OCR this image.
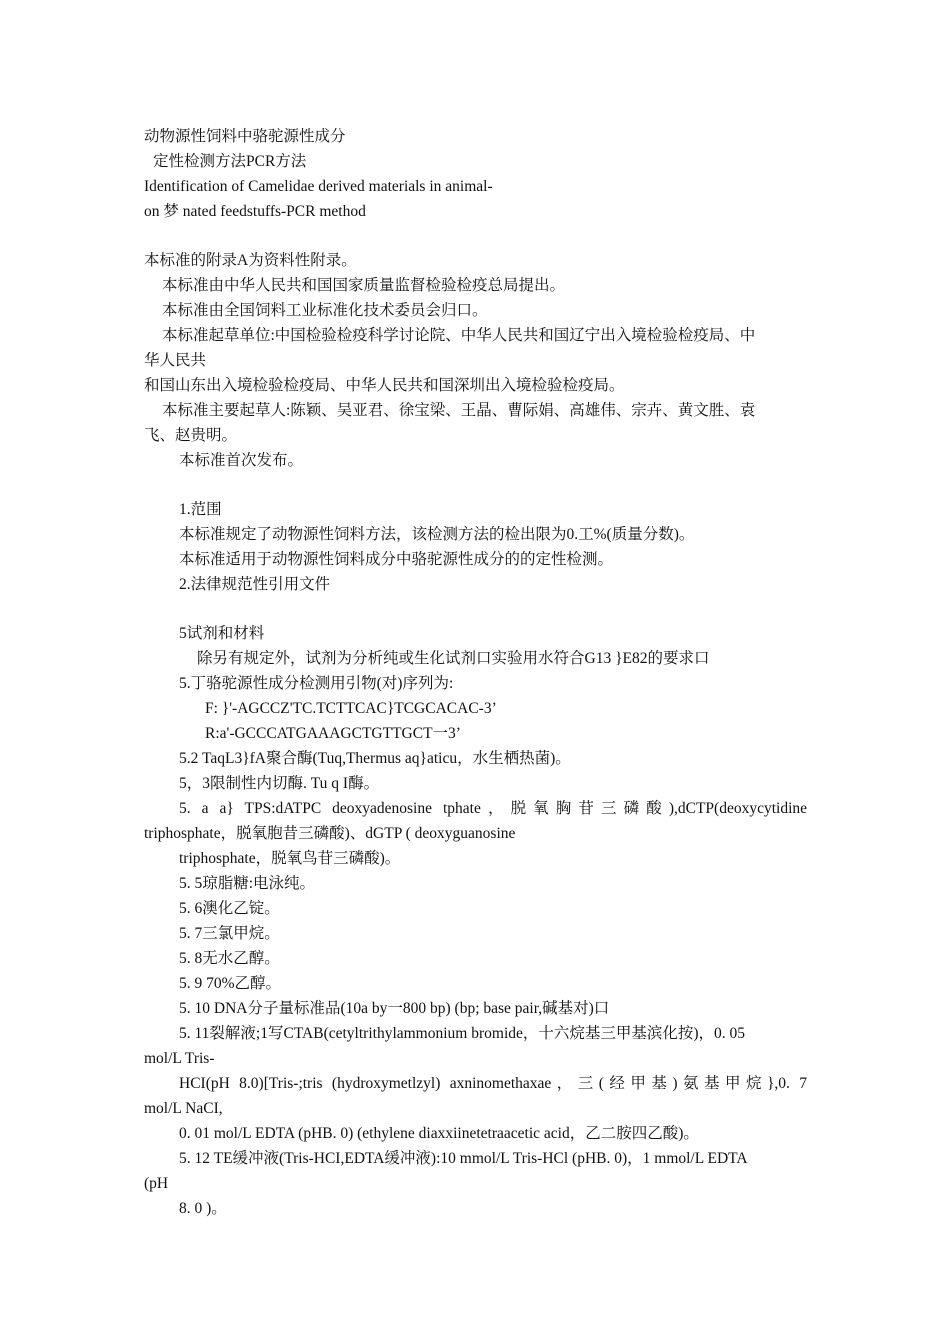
动物源性饲料中骆驼源性成分
定性检测方法PCR方法
Identification of Camelidae derived materials in animal-
on 梦 nated feedstuffs-PCR method
本标准的附录A为资料性附录。
本标准由中华人民共和国国家质量监督检验检疫总局提出。
本标准由全国饲料工业标准化技术委员会归口。
本标准起草单位:中国检验检疫科学讨论院、中华人民共和国辽宁出入境检验检疫局、中
华人民共
和国山东出入境检验检疫局、中华人民共和国深圳出入境检验检疫局。
本标准主要起草人:陈颖、吴亚君、徐宝梁、王晶、曹际娟、高雄伟、宗卉、黄文胜、袁
飞、赵贵明。
本标准首次发布。
1.范围
本标准规定了动物源性饲料方法，该检测方法的检出限为0.工%(质量分数)。
本标准适用于动物源性饲料成分中骆驼源性成分的的定性检测。
2.法律规范性引用文件
5试剂和材料
除另有规定外，试剂为分析纯或生化试剂口实验用水符合G13 }E82的要求口
5.丁骆驼源性成分检测用引物(对)序列为:
F: }'-AGCCZ'TC.TCTTCAC}TCGCACAC-3’
R:a'-GCCCATGAAAGCTGTTGCT一3’
5.2 TaqL3}fA聚合酶(Tuq,Thermus aq}aticu，水生栖热菌)。
5，3限制性内切酶. Tu q I酶。
5. a a} TPS:dATPC deoxyadenosine tphate，脱氧胸苷三磷酸),dCTP(deoxycytidine
triphosphate，脱氧胞昔三磷酸)、dGTP ( deoxyguanosine
triphosphate，脱氧鸟苷三磷酸)。
5. 5琼脂糖:电泳纯。
5. 6澳化乙锭。
5. 7三氯甲烷。
5. 8无水乙醇。
5. 9 70%乙醇。
5. 10 DNA分子量标准品(10a by一800 bp) (bp; base pair,碱基对)口
5. 11裂解液;1写CTAB(cetyltrithylammonium bromide，十六烷基三甲基滨化按)，0. 05
mol/L Tris-
HCI(pH 8.0)[Tris-;tris (hydroxymetlzyl) axninomethaxae，三(经甲基)氨基甲烷},0. 7
mol/L NaCI,
0. 01 mol/L EDTA (pHB. 0) (ethylene diaxxiinetetraacetic acid，乙二胺四乙酸)。
5. 12 TE缓冲液(Tris-HCI,EDTA缓冲液):10 mmol/L Tris-HCl (pHB. 0)，1 mmol/L EDTA
(pH
8. 0 )。
